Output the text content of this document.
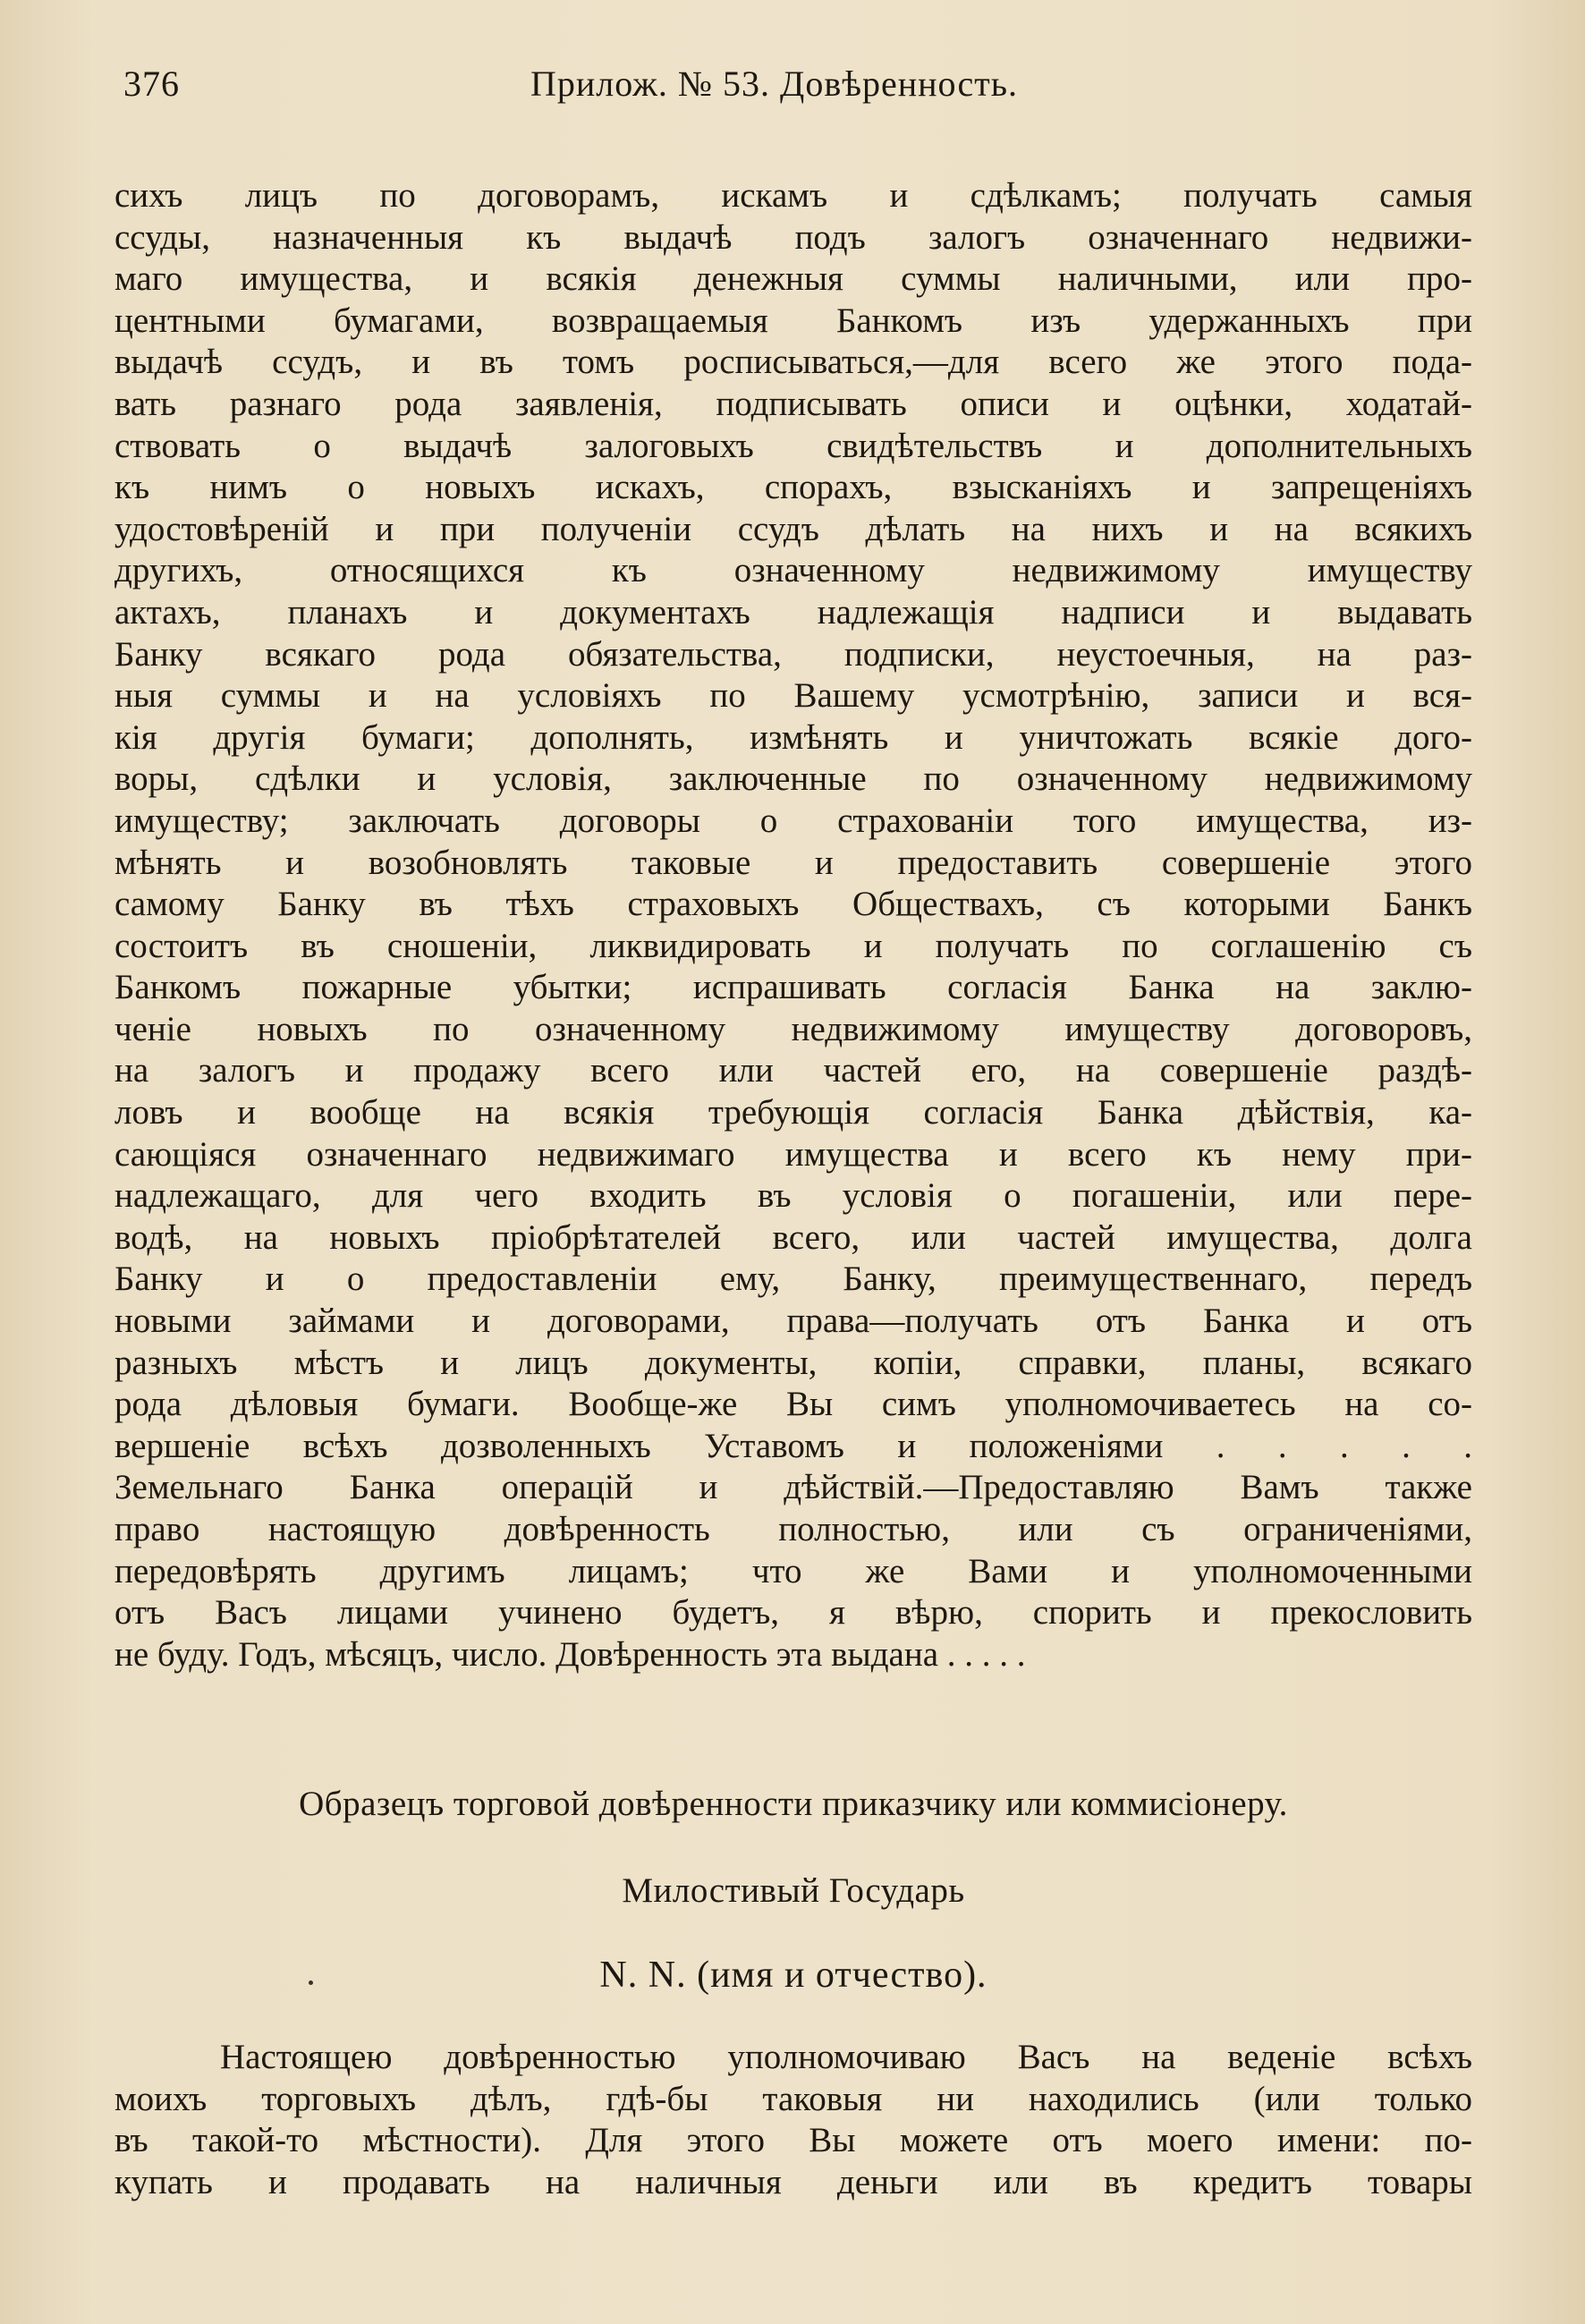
376	Прилож. № 53. Довѣренность.
сихъ лицъ по договорамъ, искамъ и сдѣлкамъ; получать самыя
ссуды, назначенныя къ выдачѣ подъ залогъ означеннаго недвижи-
маго имущества, и всякія денежныя суммы наличными, или про-
центными бумагами, возвращаемыя Банкомъ изъ удержанныхъ при
выдачѣ ссудъ, и въ томъ росписываться,—для всего же этого пода-
вать разнаго рода заявленія, подписывать описи и оцѣнки, ходатай-
ствовать о выдачѣ залоговыхъ свидѣтельствъ и дополнительныхъ
къ нимъ о новыхъ искахъ, спорахъ, взысканіяхъ и запрещеніяхъ
удостовѣреній и при полученіи ссудъ дѣлать на нихъ и на всякихъ
другихъ, относящихся къ означенному недвижимому имуществу
актахъ, планахъ и документахъ надлежащія надписи и выдавать
Банку всякаго рода обязательства, подписки, неустоечныя, на раз-
ныя суммы и на условіяхъ по Вашему усмотрѣнію, записи и вся-
кія другія бумаги; дополнять, измѣнять и уничтожать всякіе дого-
воры, сдѣлки и условія, заключенные по означенному недвижимому
имуществу; заключать договоры о страхованіи того имущества, из-
мѣнять и возобновлять таковые и предоставить совершеніе этого
самому Банку въ тѣхъ страховыхъ Обществахъ, съ которыми Банкъ
состоитъ въ сношеніи, ликвидировать и получать по соглашенію съ
Банкомъ пожарные убытки; испрашивать согласія Банка на заклю-
ченіе новыхъ по означенному недвижимому имуществу договоровъ,
на залогъ и продажу всего или частей его, на совершеніе раздѣ-
ловъ и вообще на всякія требующія согласія Банка дѣйствія, ка-
сающіяся означеннаго недвижимаго имущества и всего къ нему при-
надлежащаго, для чего входить въ условія о погашеніи, или пере-
водѣ, на новыхъ пріобрѣтателей всего, или частей имущества, долга
Банку и о предоставленіи ему, Банку, преимущественнаго, передъ
новыми займами и договорами, права—получать отъ Банка и отъ
разныхъ мѣстъ и лицъ документы, копіи, справки, планы, всякаго
рода дѣловыя бумаги. Вообще-же Вы симъ уполномочиваетесь на со-
вершеніе всѣхъ дозволенныхъ Уставомъ и положеніями . . . . .
Земельнаго Банка операцій и дѣйствій.—Предоставляю Вамъ также
право настоящую довѣренность полностью, или съ ограниченіями,
передовѣрять другимъ лицамъ; что же Вами и уполномоченными
отъ Васъ лицами учинено будетъ, я вѣрю, спорить и прекословить
не буду. Годъ, мѣсяцъ, число. Довѣренность эта выдана . . . . .
Образецъ торговой довѣренности приказчику или коммисіонеру.
Милостивый Государь
N. N. (имя и отчество).
Настоящею довѣренностью уполномочиваю Васъ на веденіе всѣхъ
моихъ торговыхъ дѣлъ, гдѣ-бы таковыя ни находились (или только
въ такой-то мѣстности). Для этого Вы можете отъ моего имени: по-
купать и продавать на наличныя деньги или въ кредитъ товары
